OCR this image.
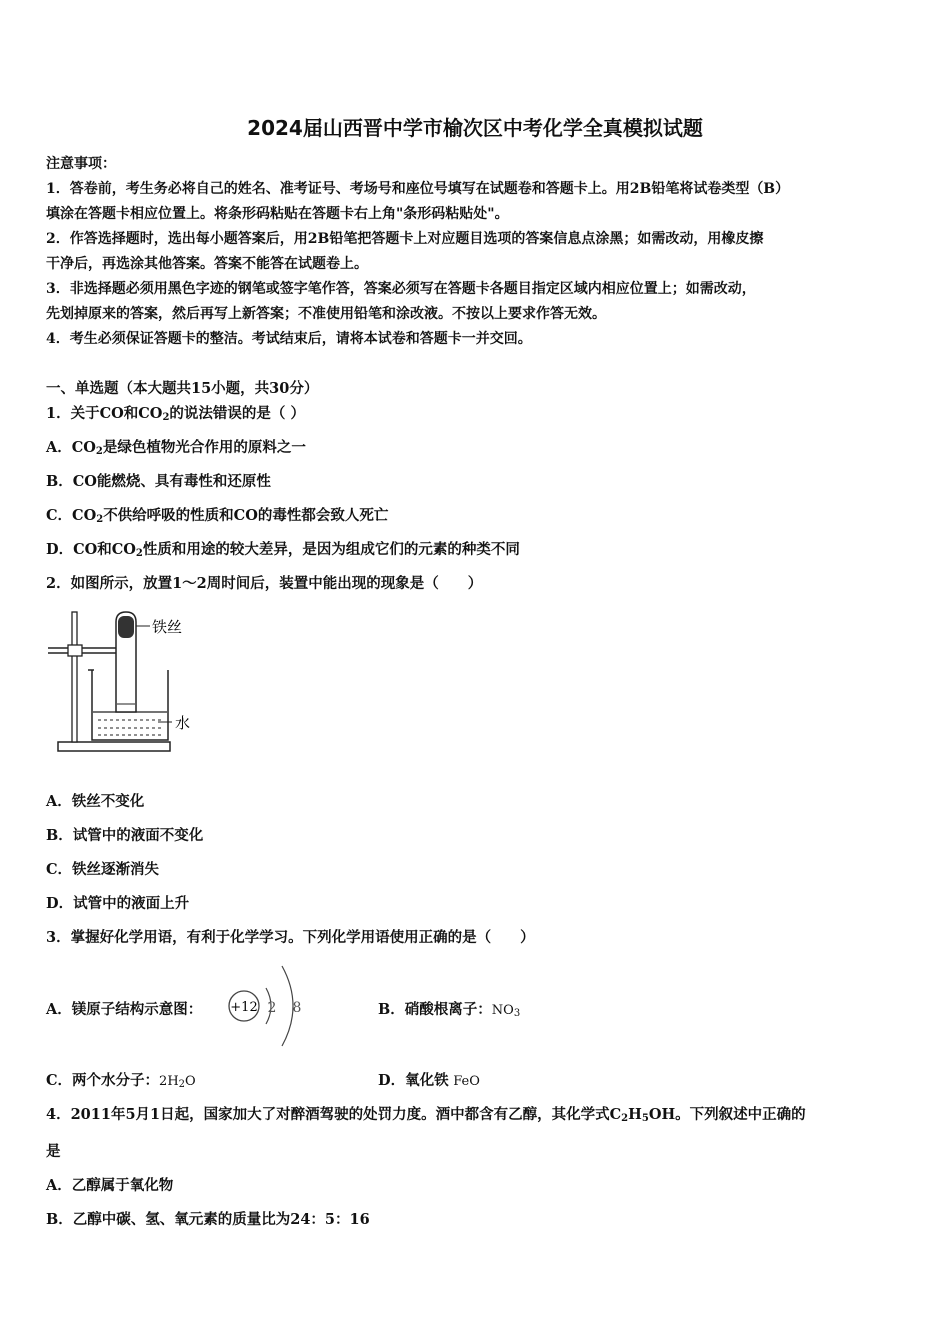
2024届山西晋中学市榆次区中考化学全真模拟试题
注意事项：
1．答卷前，考生务必将自己的姓名、准考证号、考场号和座位号填写在试题卷和答题卡上。用2B铅笔将试卷类型（B）
填涂在答题卡相应位置上。将条形码粘贴在答题卡右上角"条形码粘贴处"。
2．作答选择题时，选出每小题答案后，用2B铅笔把答题卡上对应题目选项的答案信息点涂黑；如需改动，用橡皮擦
干净后，再选涂其他答案。答案不能答在试题卷上。
3．非选择题必须用黑色字迹的钢笔或签字笔作答，答案必须写在答题卡各题目指定区域内相应位置上；如需改动，
先划掉原来的答案，然后再写上新答案；不准使用铅笔和涂改液。不按以上要求作答无效。
4．考生必须保证答题卡的整洁。考试结束后，请将本试卷和答题卡一并交回。
一、单选题（本大题共15小题，共30分）
1．关于CO和$CO_2$的说法错误的是（ ）
A．$CO_2$是绿色植物光合作用的原料之一
B．CO能燃烧、具有毒性和还原性
C．$CO_2$不供给呼吸的性质和CO的毒性都会致人死亡
D．CO和$CO_2$性质和用途的较大差异，是因为组成它们的元素的种类不同
2．如图所示，放置1～2周时间后，装置中能出现的现象是（　　）
铁丝
水
A．铁丝不变化
B．试管中的液面不变化
C．铁丝逐渐消失
D．试管中的液面上升
3．掌握好化学用语，有利于化学学习。下列化学用语使用正确的是（　　）
A．镁原子结构示意图： +12 2 8	B．硝酸根离子：$NO_3$
C．两个水分子：$2H_2O$	D．氧化铁 FeO
4．2011年5月1日起，国家加大了对醉酒驾驶的处罚力度。酒中都含有乙醇，其化学式$C_2H_5OH$。下列叙述中正确的
是
A．乙醇属于氧化物
B．乙醇中碳、氢、氧元素的质量比为24：5：16
